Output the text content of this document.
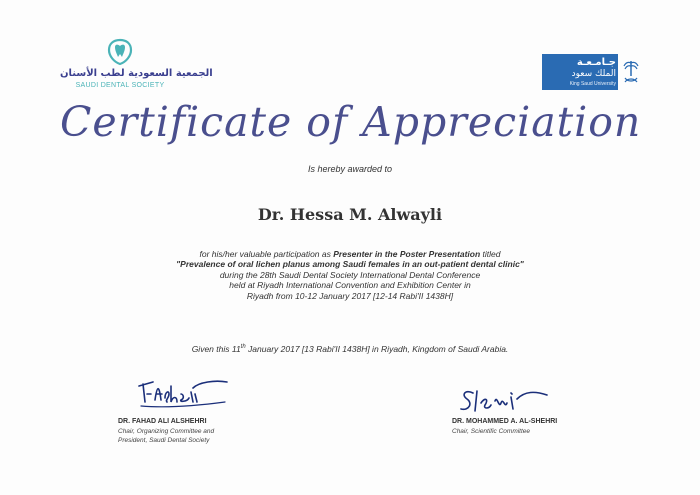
الجمعية السعودية لطب الأسنان
SAUDI DENTAL SOCIETY
جـامـعـة
الملك سعود
King Saud University
Certificate of Appreciation
Is hereby awarded to
Dr. Hessa M. Alwayli
for his/her valuable participation as Presenter in the Poster Presentation titled
"Prevalence of oral lichen planus among Saudi females in an out-patient dental clinic"
during the 28th Saudi Dental Society International Dental Conference
held at Riyadh International Convention and Exhibition Center in
Riyadh from 10-12 January 2017 [12-14 Rabi'II 1438H]
Given this 11th January 2017 [13 Rabi'II 1438H] in Riyadh, Kingdom of Saudi Arabia.
DR. FAHAD ALI ALSHEHRI
Chair, Organizing Committee and
President, Saudi Dental Society
DR. MOHAMMED A. AL-SHEHRI
Chair, Scientific Committee
